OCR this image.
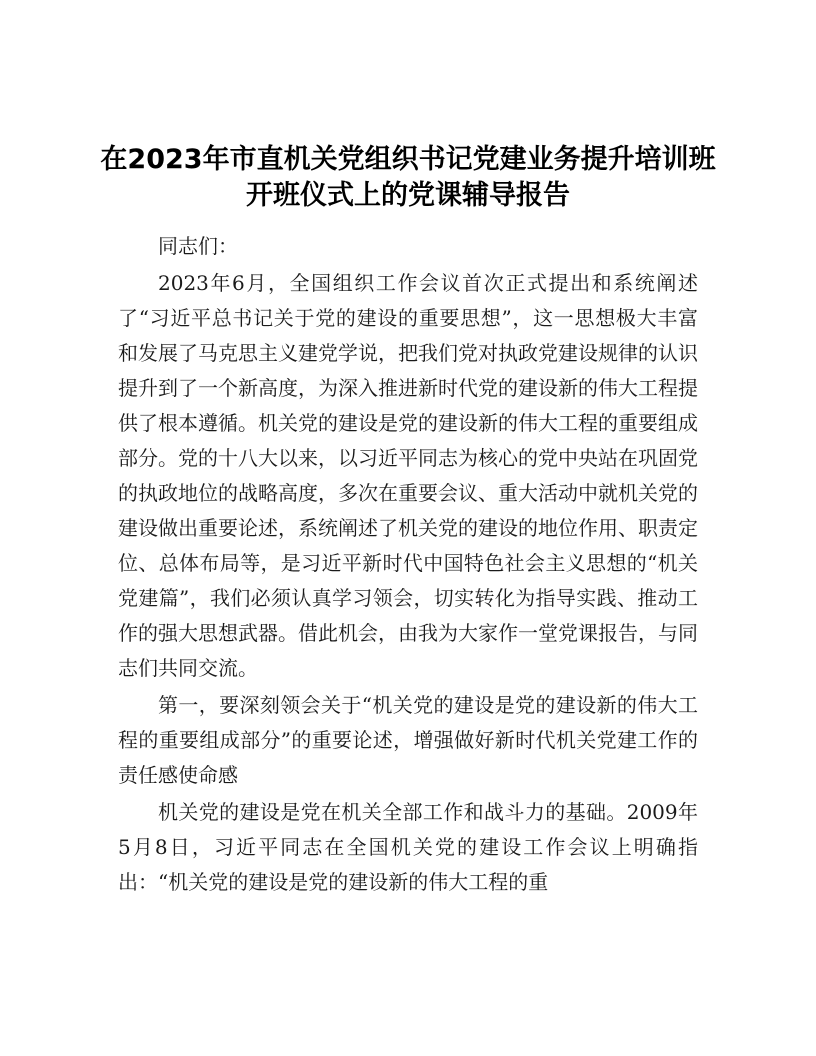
在2023年市直机关党组织书记党建业务提升培训班开班仪式上的党课辅导报告

同志们：

2023年6月，全国组织工作会议首次正式提出和系统阐述了“习近平总书记关于党的建设的重要思想”，这一思想极大丰富和发展了马克思主义建党学说，把我们党对执政党建设规律的认识提升到了一个新高度，为深入推进新时代党的建设新的伟大工程提供了根本遵循。机关党的建设是党的建设新的伟大工程的重要组成部分。党的十八大以来，以习近平同志为核心的党中央站在巩固党的执政地位的战略高度，多次在重要会议、重大活动中就机关党的建设做出重要论述，系统阐述了机关党的建设的地位作用、职责定位、总体布局等，是习近平新时代中国特色社会主义思想的“机关党建篇”，我们必须认真学习领会，切实转化为指导实践、推动工作的强大思想武器。借此机会，由我为大家作一堂党课报告，与同志们共同交流。

第一，要深刻领会关于“机关党的建设是党的建设新的伟大工程的重要组成部分”的重要论述，增强做好新时代机关党建工作的责任感使命感

机关党的建设是党在机关全部工作和战斗力的基础。2009年5月8日，习近平同志在全国机关党的建设工作会议上明确指出：“机关党的建设是党的建设新的伟大工程的重
